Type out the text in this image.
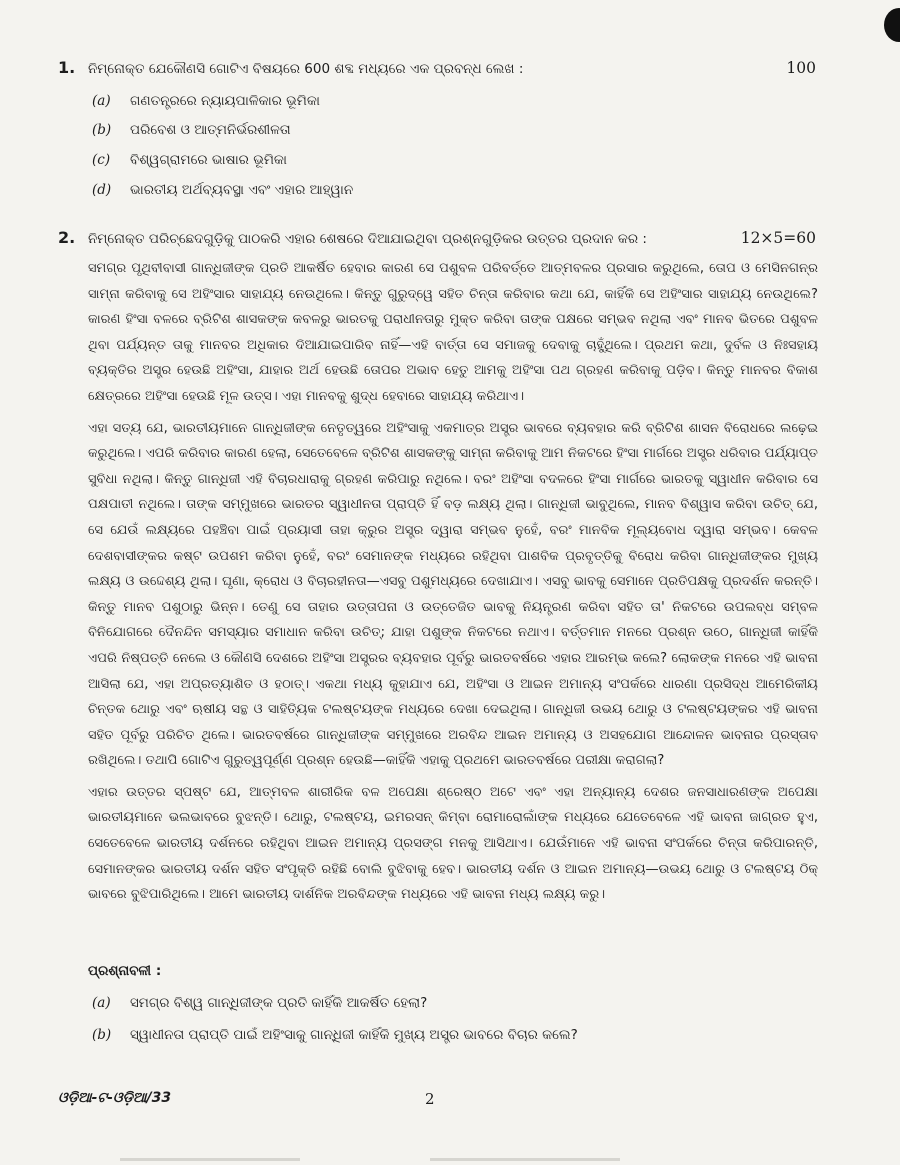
1. ନିମ୍ନୋକ୍ତ ଯେକୌଣସି ଗୋଟିଏ ବିଷୟରେ 600 ଶବ୍ଦ ମଧ୍ୟରେ ଏକ ପ୍ରବନ୍ଧ ଲେଖ :	100
(a)	ଗଣତନ୍ତ୍ରରେ ନ୍ୟାୟପାଳିକାର ଭୂମିକା
(b)	ପରିବେଶ ଓ ଆତ୍ମନିର୍ଭରଶୀଳତା
(c)	ବିଶ୍ୱଗ୍ରାମରେ ଭାଷାର ଭୂମିକା
(d)	ଭାରତୀୟ ଅର୍ଥବ୍ୟବସ୍ଥା ଏବଂ ଏହାର ଆହ୍ୱାନ
2. ନିମ୍ନୋକ୍ତ ପରିଚ୍ଛେଦଗୁଡ଼ିକୁ ପାଠକରି ଏହାର ଶେଷରେ ଦିଆଯାଇଥିବା ପ୍ରଶ୍ନଗୁଡ଼ିକର ଉତ୍ତର ପ୍ରଦାନ କର :	12×5=60

ସମଗ୍ର ପୃଥିବୀବାସୀ ଗାନ୍ଧିଜୀଙ୍କ ପ୍ରତି ଆକର୍ଷିତ ହେବାର କାରଣ ସେ ପଶୁବଳ ପରିବର୍ତ୍ତେ ଆତ୍ମବଳର ପ୍ରସାର କରୁଥିଲେ, ତୋପ ଓ ମେସିନଗନ୍‌ର ସାମ୍ନା କରିବାକୁ ସେ ଅହିଂସାର ସାହାଯ୍ୟ ନେଉଥିଲେ। କିନ୍ତୁ ଗୁରୁଦ୍ୱେ ସହିତ ଚିନ୍ତା କରିବାର କଥା ଯେ, କାହିଁକି ସେ ଅହିଂସାର ସାହାଯ୍ୟ ନେଉଥିଲେ? କାରଣ ହିଂସା ବଳରେ ବ୍ରିଟିଶ ଶାସକଙ୍କ କବଳରୁ ଭାରତକୁ ପରାଧୀନତାରୁ ମୁକ୍ତ କରିବା ତାଙ୍କ ପକ୍ଷରେ ସମ୍ଭବ ନଥିଲା ଏବଂ ମାନବ ଭିତରେ ପଶୁବଳ ଥିବା ପର୍ଯ୍ୟନ୍ତ ତାକୁ ମାନବର ଅଧିକାର ଦିଆଯାଇପାରିବ ନାହିଁ—ଏହି ବାର୍ତ୍ତା ସେ ସମାଜକୁ ଦେବାକୁ ଚାହୁଁଥିଲେ। ପ୍ରଥମ କଥା, ଦୁର୍ବଳ ଓ ନିଃସହାୟ ବ୍ୟକ୍ତିର ଅସ୍ତ୍ର ହେଉଛି ଅହିଂସା, ଯାହାର ଅର୍ଥ ହେଉଛି ତୋପର ଅଭାବ ହେତୁ ଆମକୁ ଅହିଂସା ପଥ ଗ୍ରହଣ କରିବାକୁ ପଡ଼ିବ। କିନ୍ତୁ ମାନବର ବିକାଶ କ୍ଷେତ୍ରରେ ଅହିଂସା ହେଉଛି ମୂଳ ଉତ୍ସ। ଏହା ମାନବକୁ ଶୁଦ୍ଧ ହେବାରେ ସାହାଯ୍ୟ କରିଥାଏ।

ଏହା ସତ୍ୟ ଯେ, ଭାରତୀୟମାନେ ଗାନ୍ଧିଜୀଙ୍କ ନେତୃତ୍ୱରେ ଅହିଂସାକୁ ଏକମାତ୍ର ଅସ୍ତ୍ର ଭାବରେ ବ୍ୟବହାର କରି ବ୍ରିଟିଶ ଶାସନ ବିରୋଧରେ ଲଢ଼େଇ କରୁଥିଲେ। ଏପରି କରିବାର କାରଣ ହେଲା, ସେତେବେଳେ ବ୍ରିଟିଶ ଶାସକଙ୍କୁ ସାମ୍ନା କରିବାକୁ ଆମ ନିକଟରେ ହିଂସା ମାର୍ଗରେ ଅସ୍ତ୍ର ଧରିବାର ପର୍ଯ୍ୟାପ୍ତ ସୁବିଧା ନଥିଲା। କିନ୍ତୁ ଗାନ୍ଧିଜୀ ଏହି ବିଚାରଧାରାକୁ ଗ୍ରହଣ କରିପାରୁ ନଥିଲେ। ବରଂ ଅହିଂସା ବଦଳରେ ହିଂସା ମାର୍ଗରେ ଭାରତକୁ ସ୍ୱାଧୀନ କରିବାର ସେ ପକ୍ଷପାତୀ ନଥିଲେ। ତାଙ୍କ ସମ୍ମୁଖରେ ଭାରତର ସ୍ୱାଧୀନତା ପ୍ରାପ୍ତି ହିଁ ବଡ଼ ଲକ୍ଷ୍ୟ ଥିଲା। ଗାନ୍ଧିଜୀ ଭାବୁଥିଲେ, ମାନବ ବିଶ୍ୱାସ କରିବା ଉଚିତ୍ ଯେ, ସେ ଯେଉଁ ଲକ୍ଷ୍ୟରେ ପହଞ୍ଚିବା ପାଇଁ ପ୍ରୟାସୀ ତାହା କ୍ରୁର ଅସ୍ତ୍ର ଦ୍ୱାରା ସମ୍ଭବ ନୁହେଁ, ବରଂ ମାନବିକ ମୂଲ୍ୟବୋଧ ଦ୍ୱାରା ସମ୍ଭବ। କେବଳ ଦେଶବାସୀଙ୍କର କଷ୍ଟ ଉପଶମ କରିବା ନୁହେଁ, ବରଂ ସେମାନଙ୍କ ମଧ୍ୟରେ ରହିଥିବା ପାଶବିକ ପ୍ରବୃତ୍ତିକୁ ବିରୋଧ କରିବା ଗାନ୍ଧିଜୀଙ୍କର ମୁଖ୍ୟ ଲକ୍ଷ୍ୟ ଓ ଉଦ୍ଦେଶ୍ୟ ଥିଲା। ଘୃଣା, କ୍ରୋଧ ଓ ବିଚାରହୀନତା—ଏସବୁ ପଶୁମଧ୍ୟରେ ଦେଖାଯାଏ। ଏସବୁ ଭାବକୁ ସେମାନେ ପ୍ରତିପକ୍ଷକୁ ପ୍ରଦର୍ଶନ କରନ୍ତି। କିନ୍ତୁ ମାନବ ପଶୁଠାରୁ ଭିନ୍ନ। ତେଣୁ ସେ ତାହାର ଉତ୍ତାପନା ଓ ଉତ୍ତେଜିତ ଭାବକୁ ନିୟନ୍ତ୍ରଣ କରିବା ସହିତ ତା' ନିକଟରେ ଉପଲବ୍ଧ ସମ୍ବଳ ବିନିଯୋଗରେ ଦୈନନ୍ଦିନ ସମସ୍ୟାର ସମାଧାନ କରିବା ଉଚିତ୍; ଯାହା ପଶୁଙ୍କ ନିକଟରେ ନଥାଏ। ବର୍ତ୍ତମାନ ମନରେ ପ୍ରଶ୍ନ ଉଠେ, ଗାନ୍ଧିଜୀ କାହିଁକି ଏପରି ନିଷ୍ପତ୍ତି ନେଲେ ଓ କୌଣସି ଦେଶରେ ଅହିଂସା ଅସ୍ତ୍ରର ବ୍ୟବହାର ପୂର୍ବରୁ ଭାରତବର୍ଷରେ ଏହାର ଆରମ୍ଭ କଲେ? ଲୋକଙ୍କ ମନରେ ଏହି ଭାବନା ଆସିଲା ଯେ, ଏହା ଅପ୍ରତ୍ୟାଶିତ ଓ ହଠାତ୍। ଏକଥା ମଧ୍ୟ କୁହାଯାଏ ଯେ, ଅହିଂସା ଓ ଆଇନ ଅମାନ୍ୟ ସଂପର୍କରେ ଧାରଣା ପ୍ରସିଦ୍ଧ ଆମେରିକୀୟ ଚିନ୍ତକ ଥୋରୁ ଏବଂ ଋଷୀୟ ସନ୍ଥ ଓ ସାହିତ୍ୟିକ ଟଲଷ୍ଟୟଙ୍କ ମଧ୍ୟରେ ଦେଖା ଦେଇଥିଲା। ଗାନ୍ଧିଜୀ ଉଭୟ ଥୋରୁ ଓ ଟଲଷ୍ଟୟଙ୍କର ଏହି ଭାବନା ସହିତ ପୂର୍ବରୁ ପରିଚିତ ଥିଲେ। ଭାରତବର୍ଷରେ ଗାନ୍ଧିଜୀଙ୍କ ସମ୍ମୁଖରେ ଅରବିନ୍ଦ ଆଇନ ଅମାନ୍ୟ ଓ ଅସହଯୋଗ ଆନ୍ଦୋଳନ ଭାବନାର ପ୍ରସ୍ତାବ ରଖିଥିଲେ। ତଥାପି ଗୋଟିଏ ଗୁରୁତ୍ୱପୂର୍ଣ୍ଣ ପ୍ରଶ୍ନ ହେଉଛି—କାହିଁକି ଏହାକୁ ପ୍ରଥମେ ଭାରତବର୍ଷରେ ପରୀକ୍ଷା କରାଗଲା?

ଏହାର ଉତ୍ତର ସ୍ପଷ୍ଟ ଯେ, ଆତ୍ମବଳ ଶାରୀରିକ ବଳ ଅପେକ୍ଷା ଶ୍ରେଷ୍ଠ ଅଟେ ଏବଂ ଏହା ଅନ୍ୟାନ୍ୟ ଦେଶର ଜନସାଧାରଣଙ୍କ ଅପେକ୍ଷା ଭାରତୀୟମାନେ ଭଲଭାବରେ ବୁଝନ୍ତି। ଥୋରୁ, ଟଲଷ୍ଟୟ, ଇମରସନ୍ କିମ୍ବା ରୋମାରୋଲାଁଙ୍କ ମଧ୍ୟରେ ଯେତେବେଳେ ଏହି ଭାବନା ଜାଗ୍ରତ ହୁଏ, ସେତେବେଳେ ଭାରତୀୟ ଦର୍ଶନରେ ରହିଥିବା ଆଇନ ଅମାନ୍ୟ ପ୍ରସଙ୍ଗ ମନକୁ ଆସିଥାଏ। ଯେଉଁମାନେ ଏହି ଭାବନା ସଂପର୍କରେ ଚିନ୍ତା କରିପାରନ୍ତି, ସେମାନଙ୍କର ଭାରତୀୟ ଦର୍ଶନ ସହିତ ସଂପୃକ୍ତି ରହିଛି ବୋଲି ବୁଝିବାକୁ ହେବ। ଭାରତୀୟ ଦର୍ଶନ ଓ ଆଇନ ଅମାନ୍ୟ—ଉଭୟ ଥୋରୁ ଓ ଟଲଷ୍ଟୟ ଠିକ୍ ଭାବରେ ବୁଝିପାରିଥିଲେ। ଆମେ ଭାରତୀୟ ଦାର୍ଶନିକ ଅରବିନ୍ଦଙ୍କ ମଧ୍ୟରେ ଏହି ଭାବନା ମଧ୍ୟ ଲକ୍ଷ୍ୟ କରୁ।

ପ୍ରଶ୍ନାବଳୀ :
(a)	ସମଗ୍ର ବିଶ୍ୱ ଗାନ୍ଧିଜୀଙ୍କ ପ୍ରତି କାହିଁକି ଆକର୍ଷିତ ହେଲା?
(b)	ସ୍ୱାଧୀନତା ପ୍ରାପ୍ତି ପାଇଁ ଅହିଂସାକୁ ଗାନ୍ଧିଜୀ କାହିଁକି ମୁଖ୍ୟ ଅସ୍ତ୍ର ଭାବରେ ବିଚାର କଲେ?
ଓଡ଼ିଆ-ଟ-ଓଡ଼ିଆ/33	2
